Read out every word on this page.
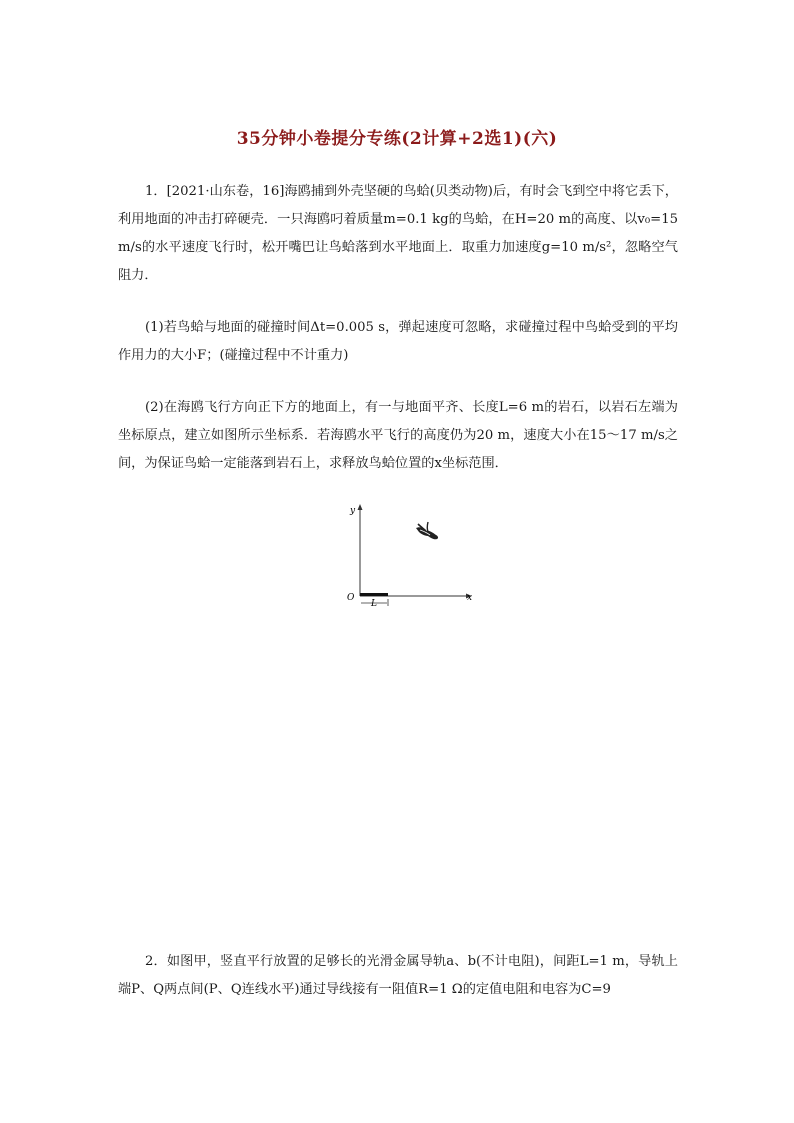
35分钟小卷提分专练(2计算+2选1)(六)
1．[2021·山东卷，16]海鸥捕到外壳坚硬的鸟蛤(贝类动物)后，有时会飞到空中将它丢下，利用地面的冲击打碎硬壳．一只海鸥叼着质量m=0.1 kg的鸟蛤，在H=20 m的高度、以v₀=15 m/s的水平速度飞行时，松开嘴巴让鸟蛤落到水平地面上．取重力加速度g=10 m/s²，忽略空气阻力．
(1)若鸟蛤与地面的碰撞时间Δt=0.005 s，弹起速度可忽略，求碰撞过程中鸟蛤受到的平均作用力的大小F；(碰撞过程中不计重力)
(2)在海鸥飞行方向正下方的地面上，有一与地面平齐、长度L=6 m的岩石，以岩石左端为坐标原点，建立如图所示坐标系．若海鸥水平飞行的高度仍为20 m，速度大小在15～17 m/s之间，为保证鸟蛤一定能落到岩石上，求释放鸟蛤位置的x坐标范围．
y
x
O
L
2．如图甲，竖直平行放置的足够长的光滑金属导轨a、b(不计电阻)，间距L=1 m，导轨上端P、Q两点间(P、Q连线水平)通过导线接有一阻值R=1 Ω的定值电阻和电容为C=9
